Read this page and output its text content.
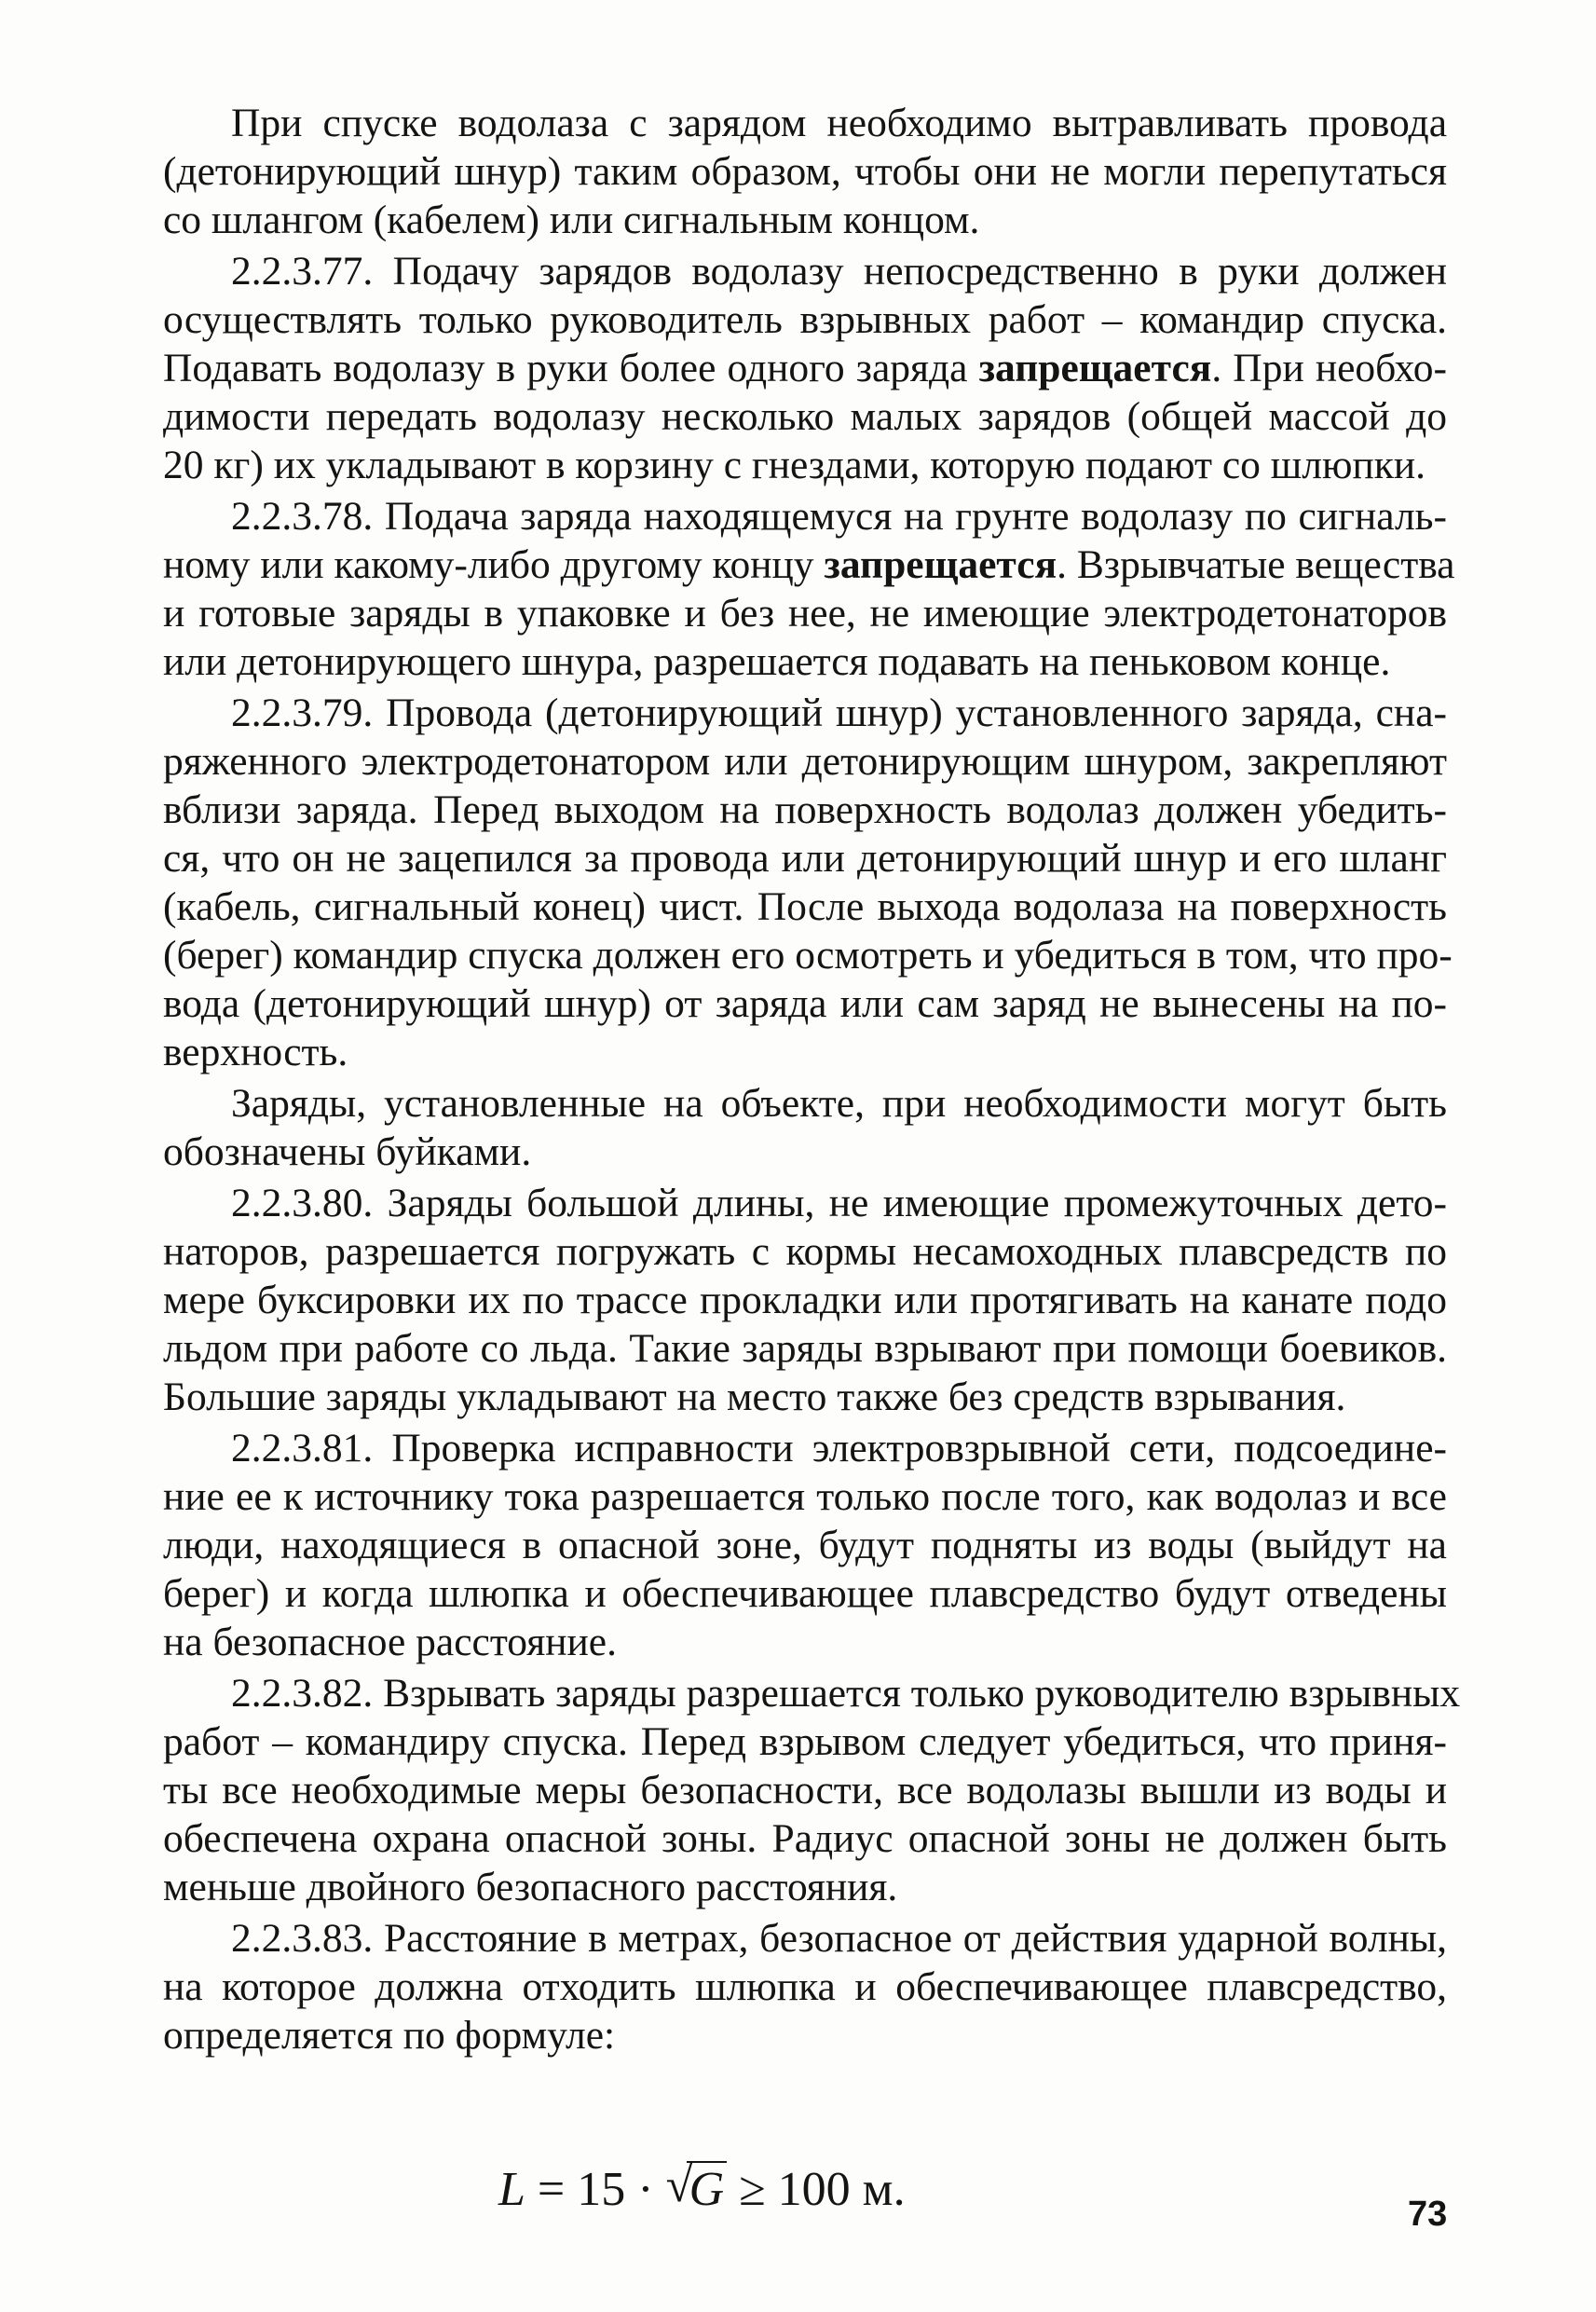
При спуске водолаза с зарядом необходимо вытравливать провода
(детонирующий шнур) таким образом, чтобы они не могли перепутаться
со шлангом (кабелем) или сигнальным концом.
2.2.3.77. Подачу зарядов водолазу непосредственно в руки должен
осуществлять только руководитель взрывных работ – командир спуска.
Подавать водолазу в руки более одного заряда запрещается. При необхо-
димости передать водолазу несколько малых зарядов (общей массой до
20 кг) их укладывают в корзину с гнездами, которую подают со шлюпки.
2.2.3.78. Подача заряда находящемуся на грунте водолазу по сигналь-
ному или какому-либо другому концу запрещается. Взрывчатые вещества
и готовые заряды в упаковке и без нее, не имеющие электродетонаторов
или детонирующего шнура, разрешается подавать на пеньковом конце.
2.2.3.79. Провода (детонирующий шнур) установленного заряда, сна-
ряженного электродетонатором или детонирующим шнуром, закрепляют
вблизи заряда. Перед выходом на поверхность водолаз должен убедить-
ся, что он не зацепился за провода или детонирующий шнур и его шланг
(кабель, сигнальный конец) чист. После выхода водолаза на поверхность
(берег) командир спуска должен его осмотреть и убедиться в том, что про-
вода (детонирующий шнур) от заряда или сам заряд не вынесены на по-
верхность.
Заряды, установленные на объекте, при необходимости могут быть
обозначены буйками.
2.2.3.80. Заряды большой длины, не имеющие промежуточных дето-
наторов, разрешается погружать с кормы несамоходных плавсредств по
мере буксировки их по трассе прокладки или протягивать на канате подо
льдом при работе со льда. Такие заряды взрывают при помощи боевиков.
Большие заряды укладывают на место также без средств взрывания.
2.2.3.81. Проверка исправности электровзрывной сети, подсоедине-
ние ее к источнику тока разрешается только после того, как водолаз и все
люди, находящиеся в опасной зоне, будут подняты из воды (выйдут на
берег) и когда шлюпка и обеспечивающее плавсредство будут отведены
на безопасное расстояние.
2.2.3.82. Взрывать заряды разрешается только руководителю взрывных
работ – командиру спуска. Перед взрывом следует убедиться, что приня-
ты все необходимые меры безопасности, все водолазы вышли из воды и
обеспечена охрана опасной зоны. Радиус опасной зоны не должен быть
меньше двойного безопасного расстояния.
2.2.3.83. Расстояние в метрах, безопасное от действия ударной волны,
на которое должна отходить шлюпка и обеспечивающее плавсредство,
определяется по формуле:
L = 15 · √
G ≥ 100 м.	73
